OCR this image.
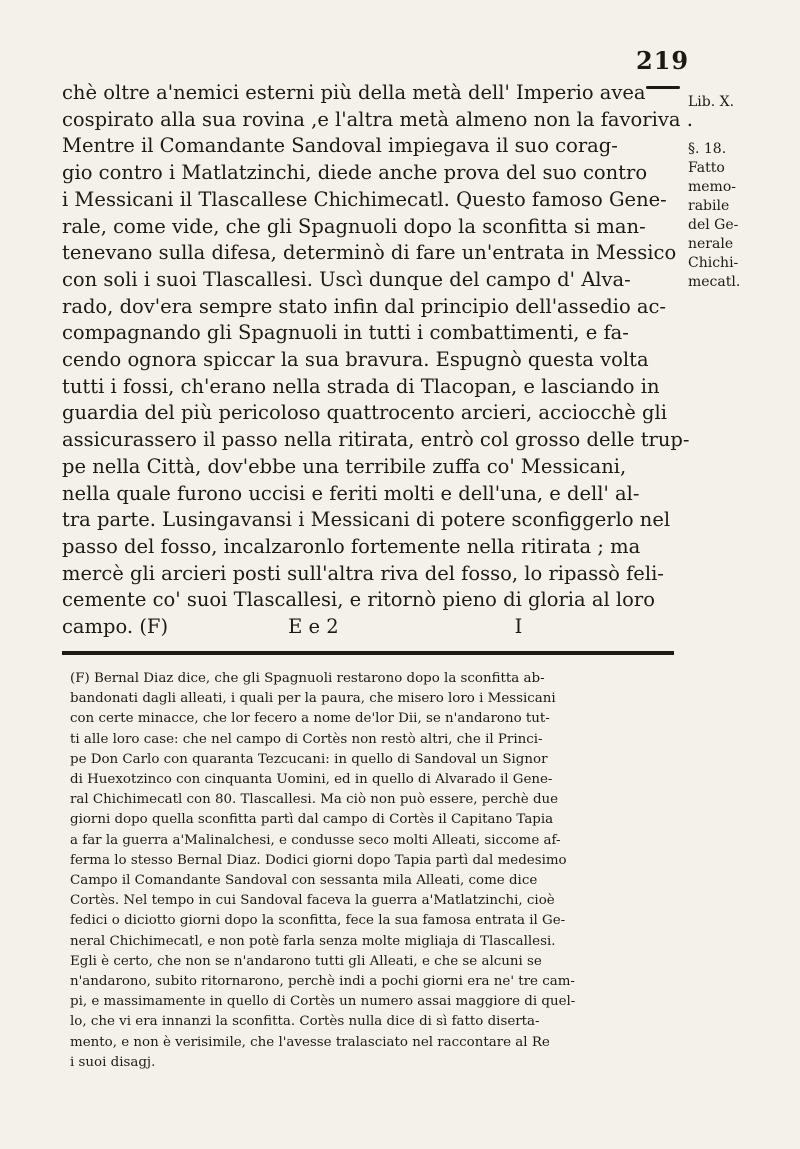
219
chè oltre a'nemici esterni più della metà dell' Imperio avea
cospirato alla sua rovina ,e l'altra metà almeno non la favoriva .
Mentre il Comandante Sandoval impiegava il suo corag-
gio contro i Matlatzinchi, diede anche prova del suo contro
i Messicani il Tlascallese Chichimecatl. Questo famoso Gene-
rale, come vide, che gli Spagnuoli dopo la sconfitta si man-
tenevano sulla difesa, determinò di fare un'entrata in Messico
con soli i suoi Tlascallesi. Uscì dunque del campo d' Alva-
rado, dov'era sempre stato infin dal principio dell'assedio ac-
compagnando gli Spagnuoli in tutti i combattimenti, e fa-
cendo ognora spiccar la sua bravura. Espugnò questa volta
tutti i fossi, ch'erano nella strada di Tlacopan, e lasciando in
guardia del più pericoloso quattrocento arcieri, acciocchè gli
assicurassero il passo nella ritirata, entrò col grosso delle trup-
pe nella Città, dov'ebbe una terribile zuffa co' Messicani,
nella quale furono uccisi e feriti molti e dell'una, e dell' al-
tra parte. Lusingavansi i Messicani di potere sconfiggerlo nel
passo del fosso, incalzaronlo fortemente nella ritirata ; ma
mercè gli arcieri posti sull'altra riva del fosso, lo ripassò feli-
cemente co' suoi Tlascallesi, e ritornò pieno di gloria al loro
campo. (F)	E e 2	I
Lib. X.
§. 18.
Fatto
memo-
rabile
del Ge-
nerale
Chichi-
mecatl.
(F) Bernal Diaz dice, che gli Spagnuoli restarono dopo la sconfitta ab-
bandonati dagli alleati, i quali per la paura, che misero loro i Messicani
con certe minacce, che lor fecero a nome de'lor Dii, se n'andarono tut-
ti alle loro case: che nel campo di Cortès non restò altri, che il Princi-
pe Don Carlo con quaranta Tezcucani: in quello di Sandoval un Signor
di Huexotzinco con cinquanta Uomini, ed in quello di Alvarado il Gene-
ral Chichimecatl con 80. Tlascallesi. Ma ciò non può essere, perchè due
giorni dopo quella sconfitta partì dal campo di Cortès il Capitano Tapia
a far la guerra a'Malinalchesi, e condusse seco molti Alleati, siccome af-
ferma lo stesso Bernal Diaz. Dodici giorni dopo Tapia partì dal medesimo
Campo il Comandante Sandoval con sessanta mila Alleati, come dice
Cortès. Nel tempo in cui Sandoval faceva la guerra a'Matlatzinchi, cioè
fedici o diciotto giorni dopo la sconfitta, fece la sua famosa entrata il Ge-
neral Chichimecatl, e non potè farla senza molte migliaja di Tlascallesi.
Egli è certo, che non se n'andarono tutti gli Alleati, e che se alcuni se
n'andarono, subito ritornarono, perchè indi a pochi giorni era ne' tre cam-
pi, e massimamente in quello di Cortès un numero assai maggiore di quel-
lo, che vi era innanzi la sconfitta. Cortès nulla dice di sì fatto diserta-
mento, e non è verisimile, che l'avesse tralasciato nel raccontare al Re
i suoi disagj.
